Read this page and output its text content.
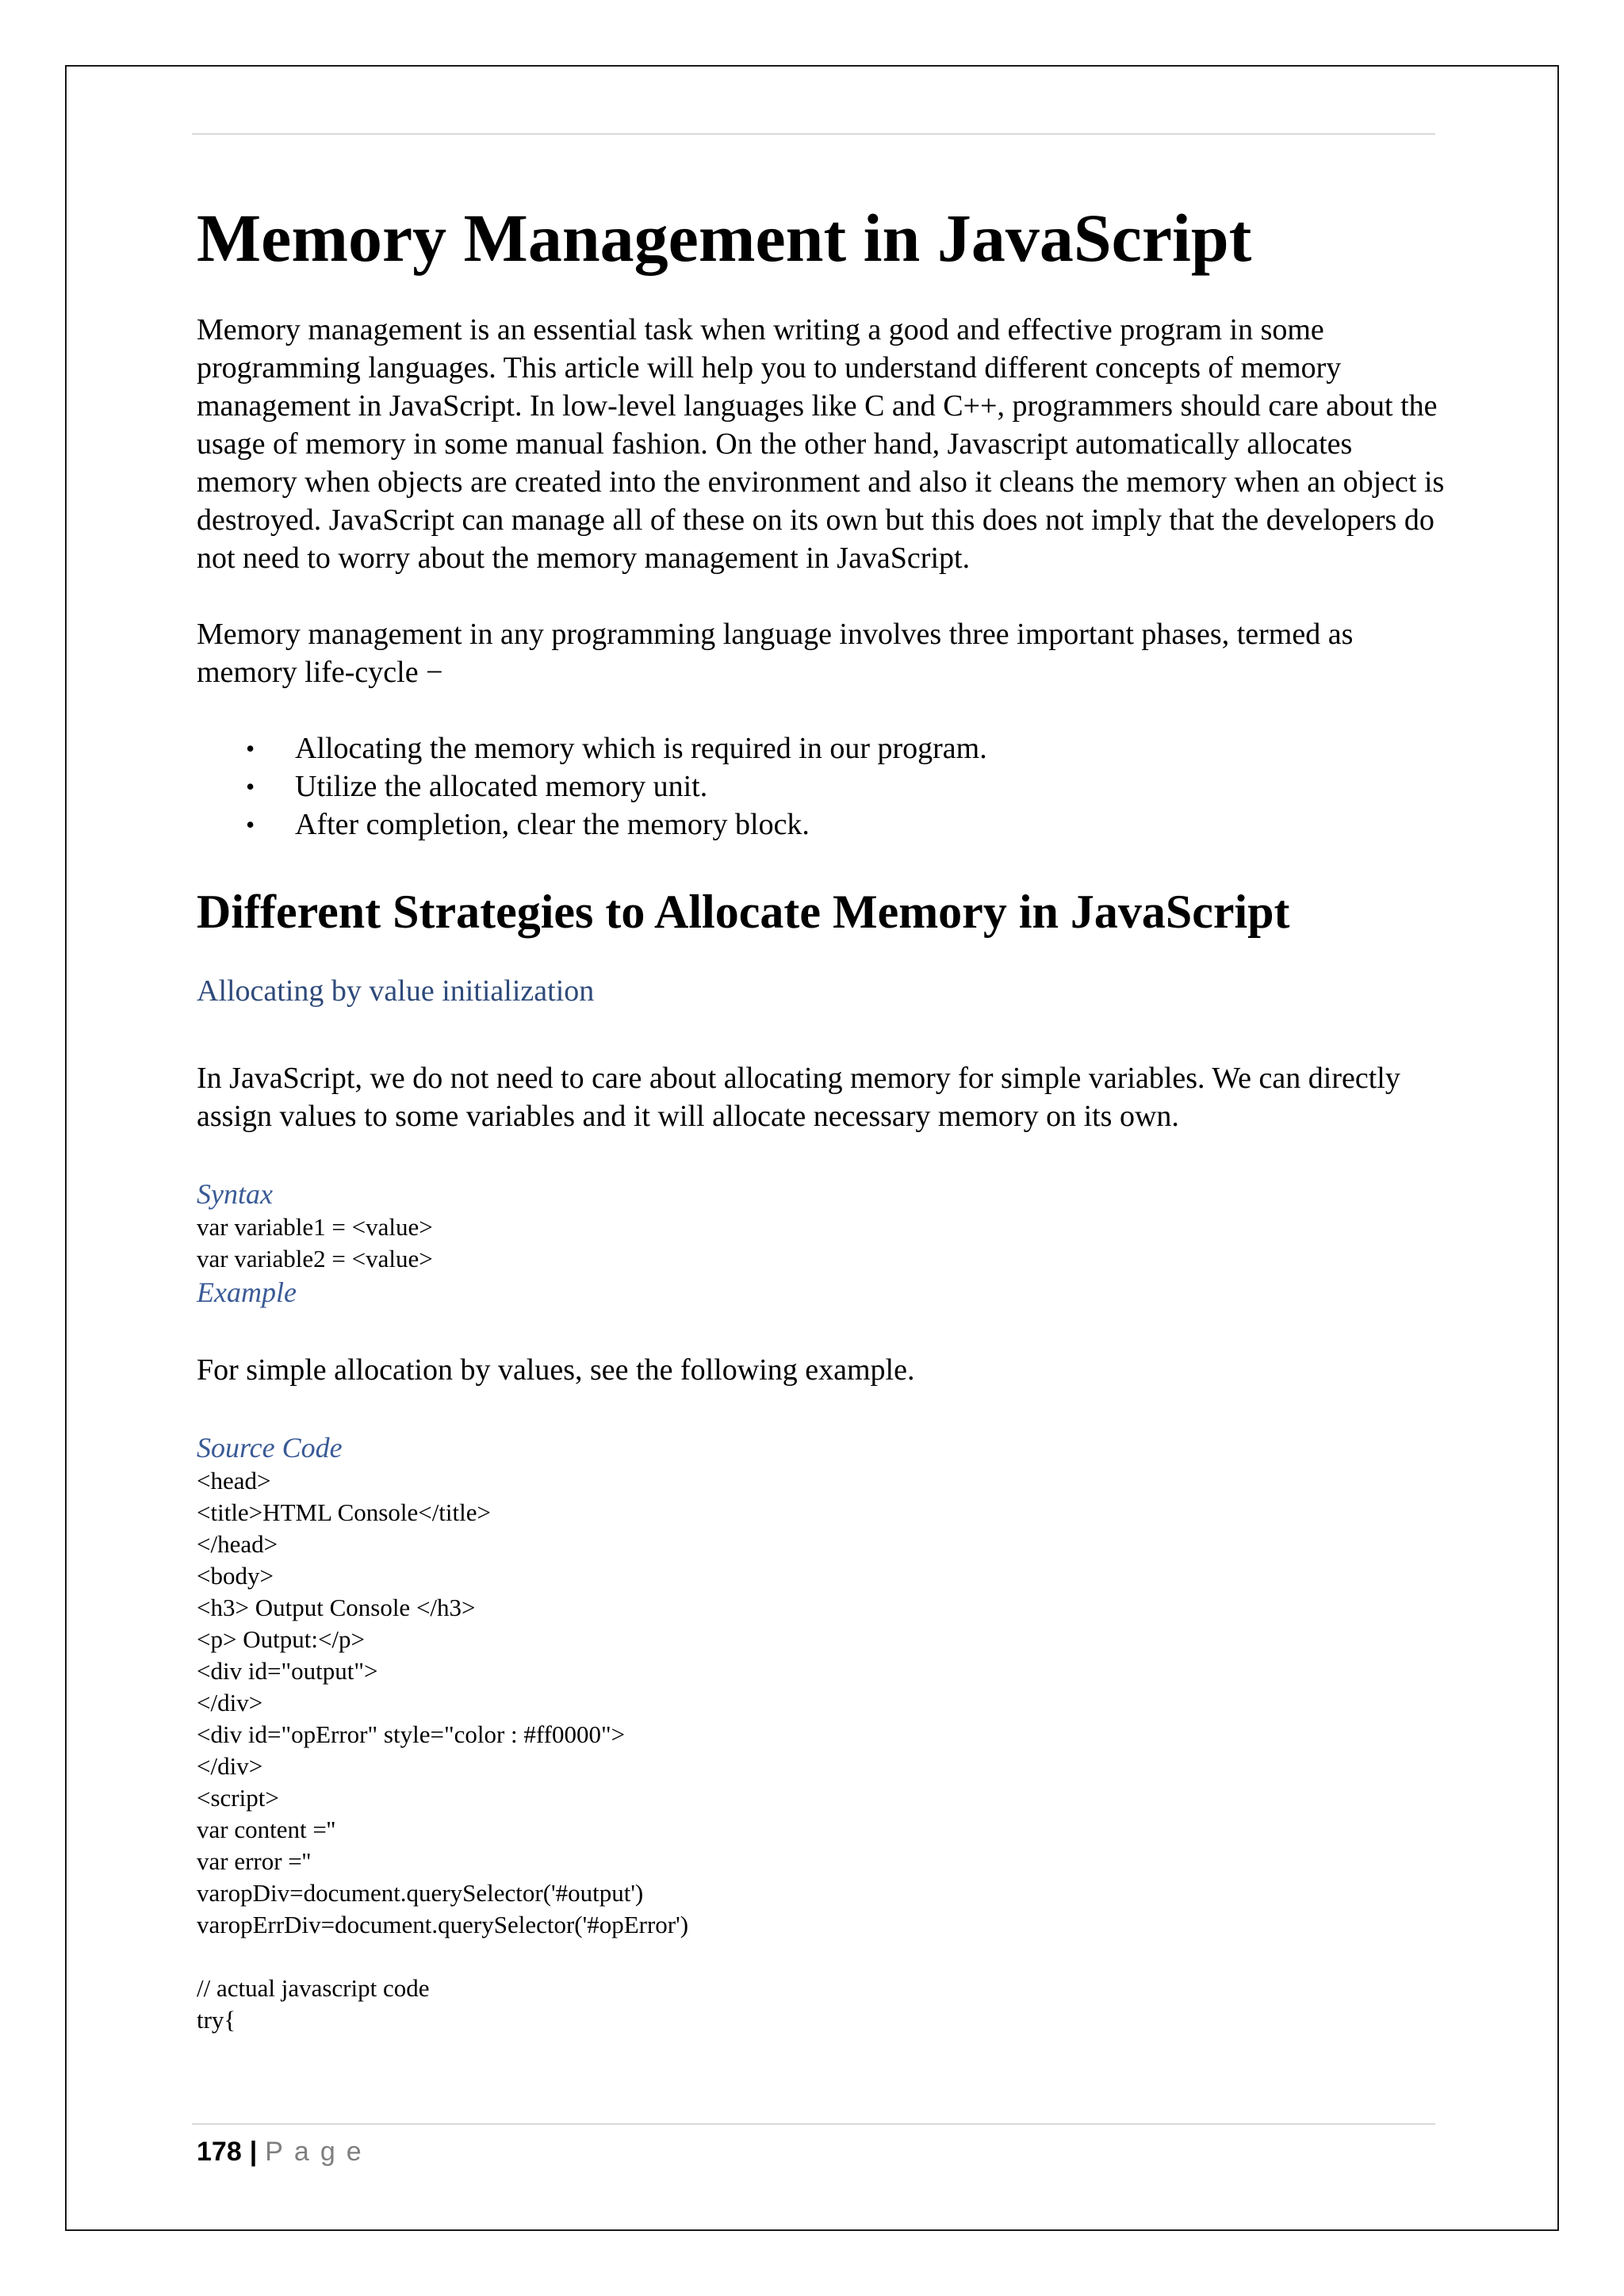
Memory Management in JavaScript

Memory management is an essential task when writing a good and effective program in some programming languages. This article will help you to understand different concepts of memory management in JavaScript. In low-level languages like C and C++, programmers should care about the usage of memory in some manual fashion. On the other hand, Javascript automatically allocates memory when objects are created into the environment and also it cleans the memory when an object is destroyed. JavaScript can manage all of these on its own but this does not imply that the developers do not need to worry about the memory management in JavaScript.

Memory management in any programming language involves three important phases, termed as memory life-cycle −

• Allocating the memory which is required in our program.
• Utilize the allocated memory unit.
• After completion, clear the memory block.
Different Strategies to Allocate Memory in JavaScript
Allocating by value initialization

In JavaScript, we do not need to care about allocating memory for simple variables. We can directly assign values to some variables and it will allocate necessary memory on its own.

Syntax

var variable1 = <value>

var variable2 = <value>

Example

For simple allocation by values, see the following example.

Source Code

<head>

<title>HTML Console</title>

</head>

<body>

<h3> Output Console </h3>

<p> Output:</p>

<div id="output">

</div>

<div id="opError" style="color : #ff0000">

</div>

<script>

var content =''

var error =''

varopDiv=document.querySelector('#output')

varopErrDiv=document.querySelector('#opError')

// actual javascript code

try{

178 | Page
